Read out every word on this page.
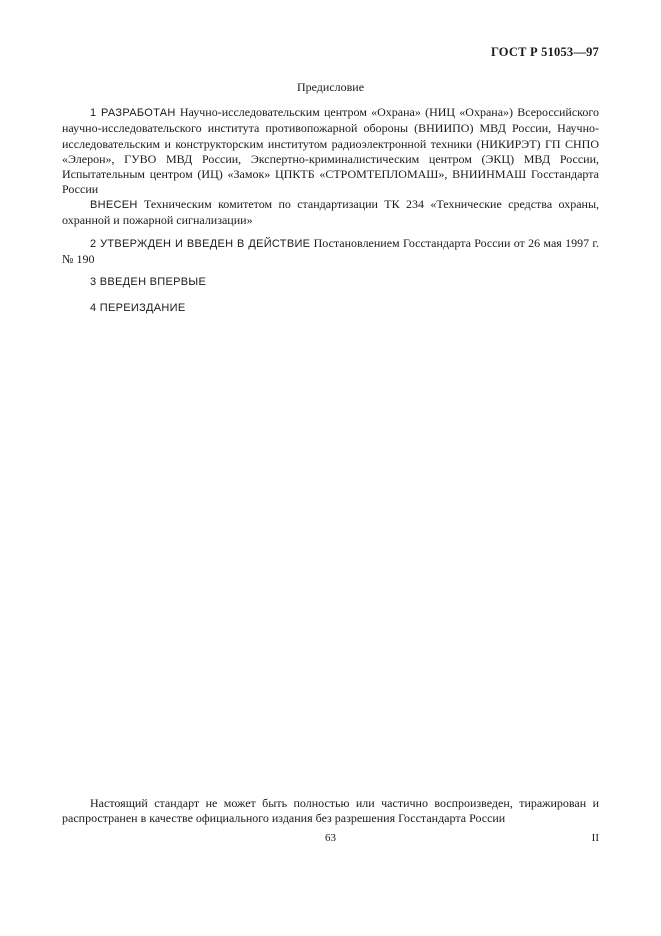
ГОСТ Р 51053—97
Предисловие

1 РАЗРАБОТАН Научно-исследовательским центром «Охрана» (НИЦ «Охрана») Всероссийского научно-исследовательского института противопожарной обороны (ВНИИПО) МВД России, Научно-исследовательским и конструкторским институтом радиоэлектронной техники (НИКИРЭТ) ГП СНПО «Элерон», ГУВО МВД России, Экспертно-криминалистическим центром (ЭКЦ) МВД России, Испытательным центром (ИЦ) «Замок» ЦПКТБ «СТРОМТЕПЛОМАШ», ВНИИНМАШ Госстандарта России

ВНЕСЕН Техническим комитетом по стандартизации ТК 234 «Технические средства охраны, охранной и пожарной сигнализации»

2 УТВЕРЖДЕН И ВВЕДЕН В ДЕЙСТВИЕ Постановлением Госстандарта России от 26 мая 1997 г. № 190

3 ВВЕДЕН ВПЕРВЫЕ

4 ПЕРЕИЗДАНИЕ

Настоящий стандарт не может быть полностью или частично воспроизведен, тиражирован и распространен в качестве официального издания без разрешения Госстандарта России

63	II
